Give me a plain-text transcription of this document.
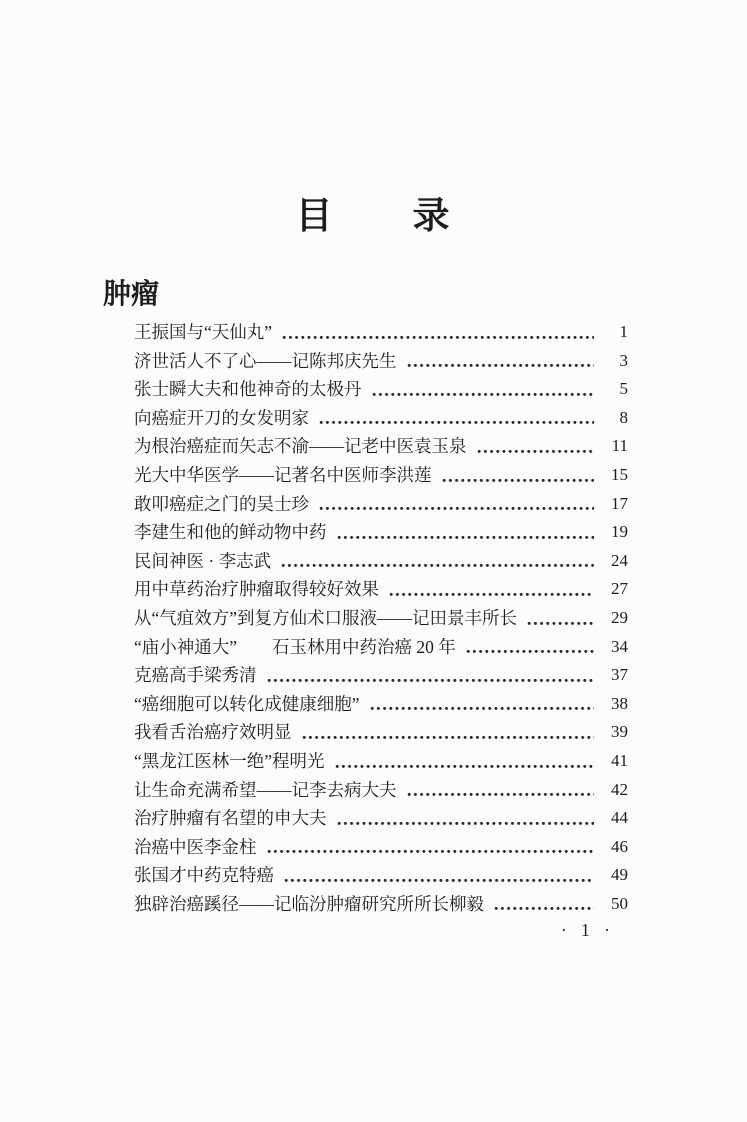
目　　录
肿瘤
王振国与“天仙丸”	1
济世活人不了心——记陈邦庆先生	3
张士瞬大夫和他神奇的太极丹	5
向癌症开刀的女发明家	8
为根治癌症而矢志不渝——记老中医袁玉泉	11
光大中华医学——记著名中医师李洪莲	15
敢叩癌症之门的吴士珍	17
李建生和他的鲜动物中药	19
民间神医 · 李志武	24
用中草药治疗肿瘤取得较好效果	27
从“气疽效方”到复方仙术口服液——记田景丰所长	29
“庙小神通大”　　石玉林用中药治癌 20 年	34
克癌高手梁秀清	37
“癌细胞可以转化成健康细胞”	38
我看舌治癌疗效明显	39
“黑龙江医林一绝”程明光	41
让生命充满希望——记李去病大夫	42
治疗肿瘤有名望的申大夫	44
治癌中医李金柱	46
张国才中药克特癌	49
独辟治癌蹊径——记临汾肿瘤研究所所长柳毅	50
· 1 ·
